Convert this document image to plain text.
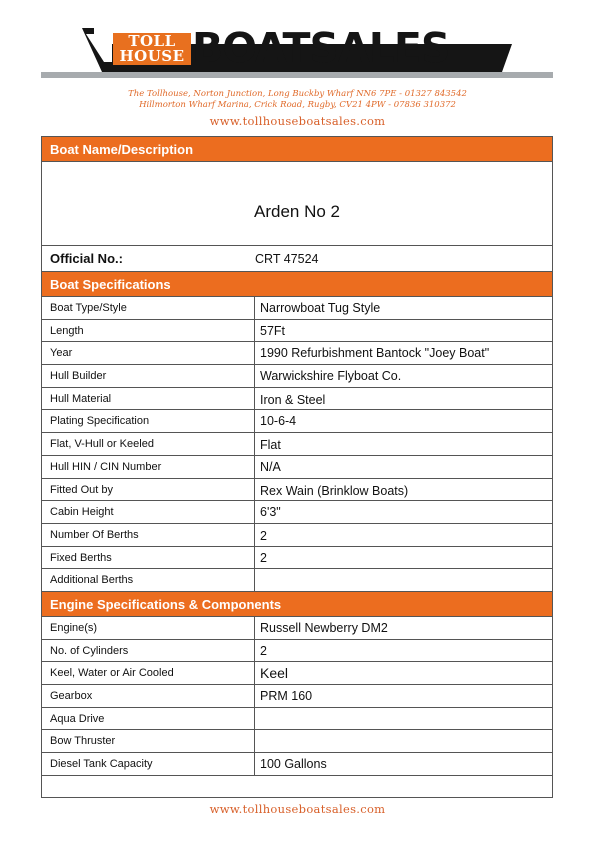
TOLL
HOUSE BOATSALES
The Tollhouse, Norton Junction, Long Buckby Wharf NN6 7PE - 01327 843542
Hillmorton Wharf Marina, Crick Road, Rugby, CV21 4PW - 07836 310372
www.tollhouseboatsales.com
Boat Name/Description
Arden No 2
Official No.:	CRT 47524
Boat Specifications
Boat Type/Style	Narrowboat Tug Style
Length	57Ft
Year	1990 Refurbishment Bantock "Joey Boat"
Hull Builder	Warwickshire Flyboat Co.
Hull Material	Iron & Steel
Plating Specification	10-6-4
Flat, V-Hull or Keeled	Flat
Hull HIN / CIN Number	N/A
Fitted Out by	Rex Wain (Brinklow Boats)
Cabin Height	6'3"
Number Of Berths	2
Fixed Berths	2
Additional Berths
Engine Specifications & Components
Engine(s)	Russell Newberry DM2
No. of Cylinders	2
Keel, Water or Air Cooled	Keel
Gearbox	PRM 160
Aqua Drive
Bow Thruster
Diesel Tank Capacity	100 Gallons
www.tollhouseboatsales.com
